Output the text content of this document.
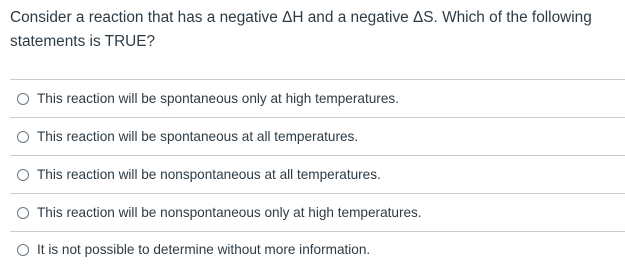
Consider a reaction that has a negative ΔH and a negative ΔS. Which of the following statements is TRUE?
This reaction will be spontaneous only at high temperatures.
This reaction will be spontaneous at all temperatures.
This reaction will be nonspontaneous at all temperatures.
This reaction will be nonspontaneous only at high temperatures.
It is not possible to determine without more information.
